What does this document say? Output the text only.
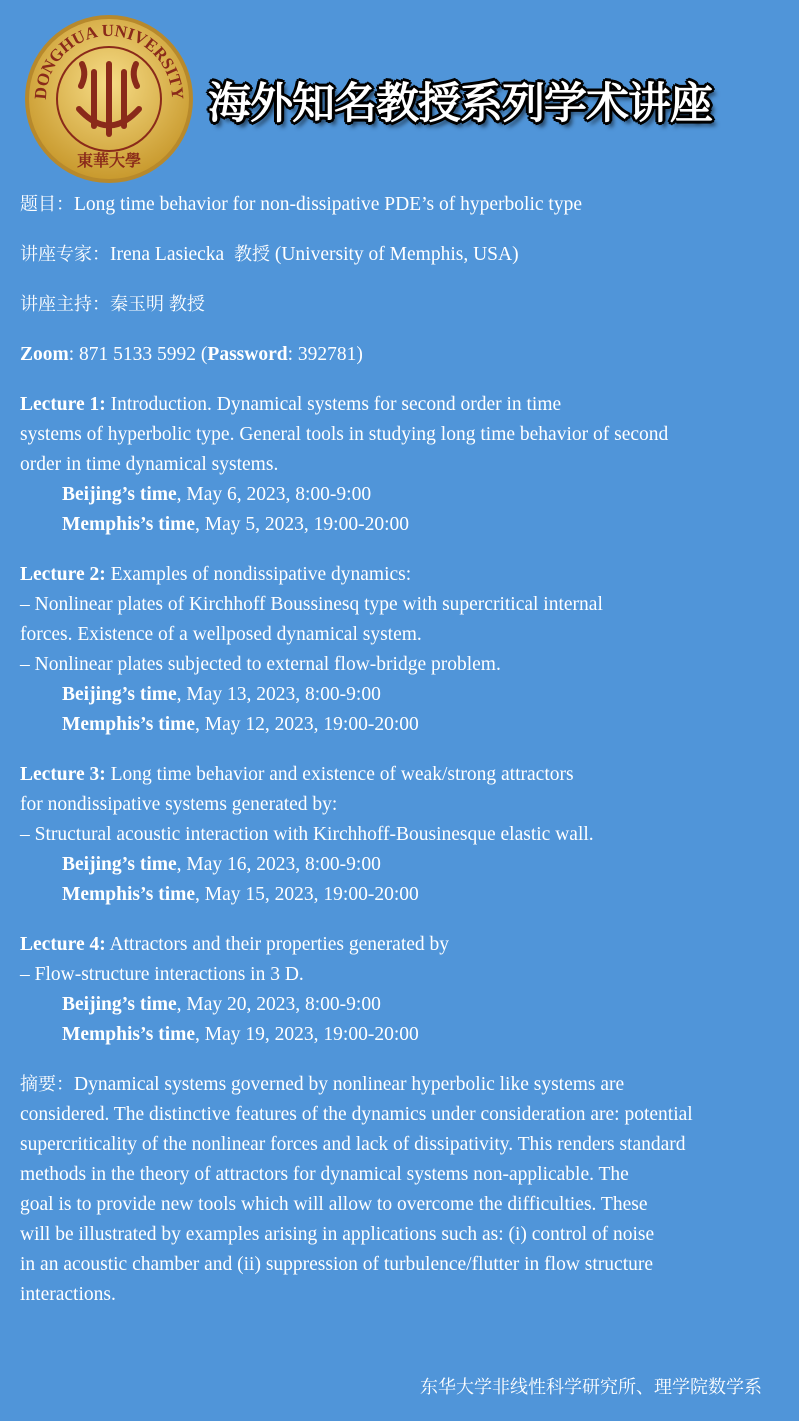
DONGHUA UNIVERSITY
東華大學
海外知名教授系列学术讲座
题目：Long time behavior for non-dissipative PDE’s of hyperbolic type
讲座专家：Irena Lasiecka 教授 (University of Memphis, USA)
讲座主持：秦玉明 教授
Zoom: 871 5133 5992 (Password: 392781)
Lecture 1: Introduction. Dynamical systems for second order in time
systems of hyperbolic type. General tools in studying long time behavior of second
order in time dynamical systems.
Beijing’s time, May 6, 2023, 8:00-9:00
Memphis’s time, May 5, 2023, 19:00-20:00
Lecture 2: Examples of nondissipative dynamics:
– Nonlinear plates of Kirchhoff Boussinesq type with supercritical internal
forces. Existence of a wellposed dynamical system.
– Nonlinear plates subjected to external flow-bridge problem.
Beijing’s time, May 13, 2023, 8:00-9:00
Memphis’s time, May 12, 2023, 19:00-20:00
Lecture 3: Long time behavior and existence of weak/strong attractors
for nondissipative systems generated by:
– Structural acoustic interaction with Kirchhoff-Bousinesque elastic wall.
Beijing’s time, May 16, 2023, 8:00-9:00
Memphis’s time, May 15, 2023, 19:00-20:00
Lecture 4: Attractors and their properties generated by
– Flow-structure interactions in 3 D.
Beijing’s time, May 20, 2023, 8:00-9:00
Memphis’s time, May 19, 2023, 19:00-20:00
摘要：Dynamical systems governed by nonlinear hyperbolic like systems are
considered. The distinctive features of the dynamics under consideration are: potential
supercriticality of the nonlinear forces and lack of dissipativity. This renders standard
methods in the theory of attractors for dynamical systems non-applicable. The
goal is to provide new tools which will allow to overcome the difficulties. These
will be illustrated by examples arising in applications such as: (i) control of noise
in an acoustic chamber and (ii) suppression of turbulence/flutter in flow structure
interactions.
东华大学非线性科学研究所、理学院数学系
